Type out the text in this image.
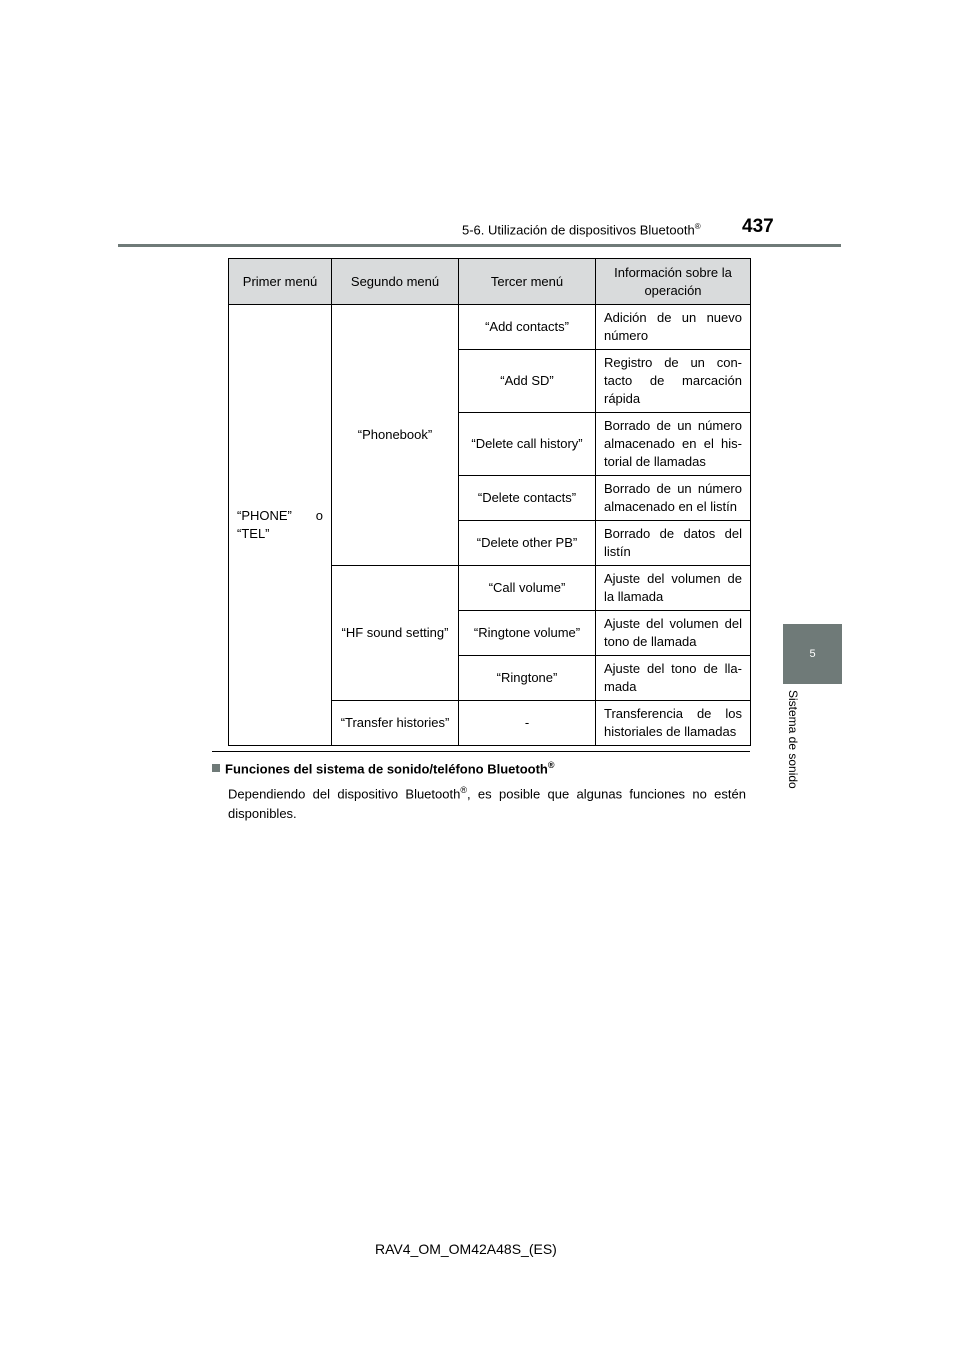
5-6. Utilización de dispositivos Bluetooth® 437
5
Sistema de sonido
Primer menú	Segundo menú	Tercer menú	Información sobre la operación
“PHONE” o “TEL”	“Phonebook”	“Add contacts”	Adición de un nuevo número
		“Add SD”	Registro de un con-tacto de marcación rápida
		“Delete call history”	Borrado de un número almacenado en el his-torial de llamadas
		“Delete contacts”	Borrado de un número almacenado en el listín
		“Delete other PB”	Borrado de datos del listín
	“HF sound setting”	“Call volume”	Ajuste del volumen de la llamada
		“Ringtone volume”	Ajuste del volumen del tono de llamada
		“Ringtone”	Ajuste del tono de lla-mada
	“Transfer histories”	-	Transferencia de los historiales de llamadas
Funciones del sistema de sonido/teléfono Bluetooth®
Dependiendo del dispositivo Bluetooth®, es posible que algunas funciones no estén disponibles.
RAV4_OM_OM42A48S_(ES)
